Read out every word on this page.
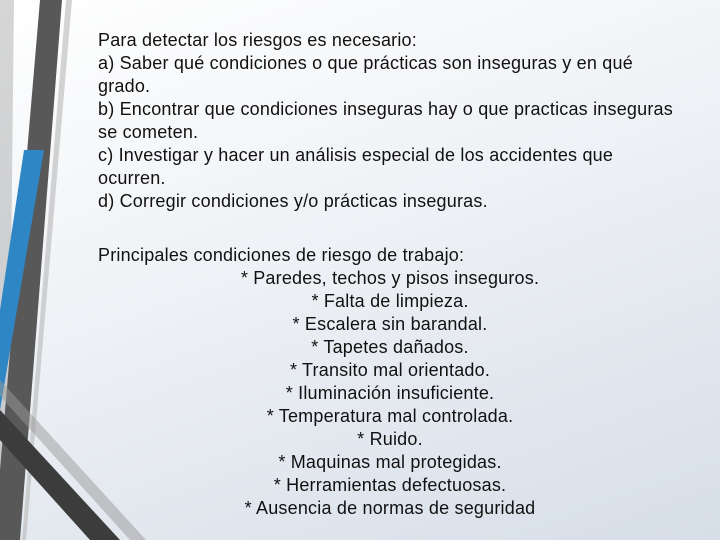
Para detectar los riesgos es necesario:

a) Saber qué condiciones o que prácticas son inseguras y en qué grado.

b) Encontrar que condiciones inseguras hay o que practicas inseguras se cometen.

c) Investigar y hacer un análisis especial de los accidentes que ocurren.

d) Corregir condiciones y/o prácticas inseguras.

Principales condiciones de riesgo de trabajo:
* Paredes, techos y pisos inseguros.
* Falta de limpieza.
* Escalera sin barandal.
* Tapetes dañados.
* Transito mal orientado.
* Iluminación insuficiente.
* Temperatura mal controlada.
* Ruido.
* Maquinas mal protegidas.
* Herramientas defectuosas.
* Ausencia de normas de seguridad
